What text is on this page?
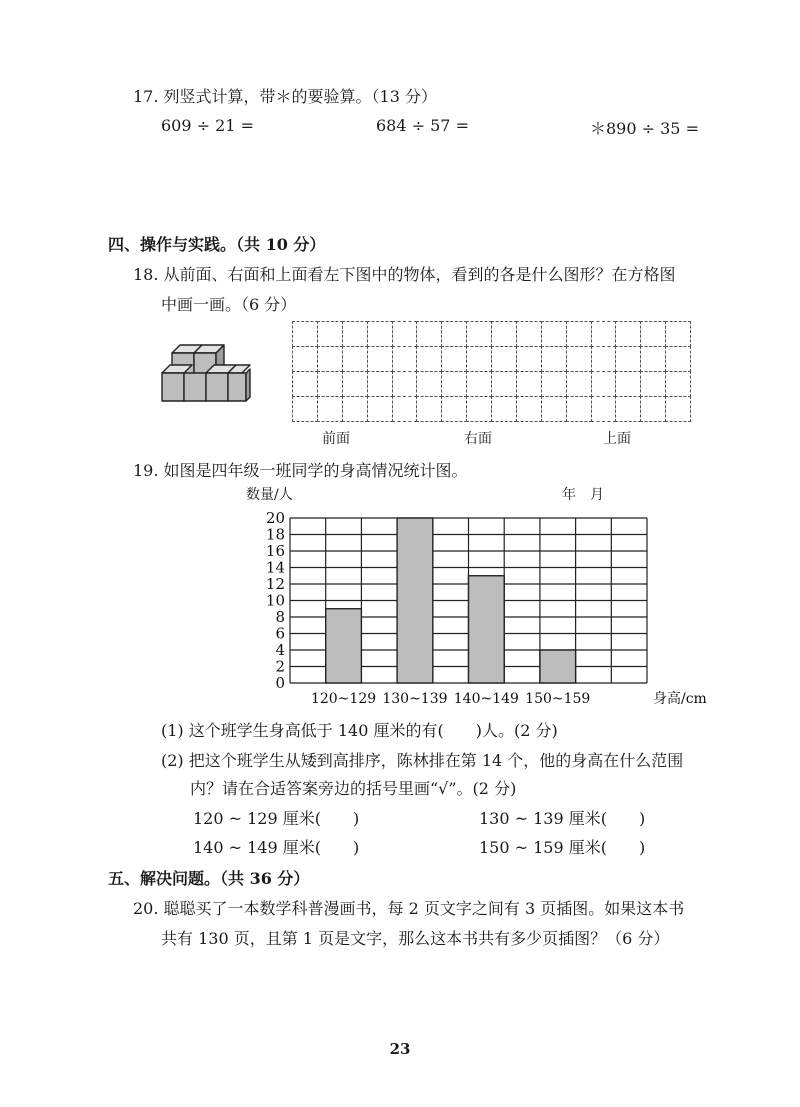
17. 列竖式计算，带＊的要验算。（13 分）
609 ÷ 21 =	684 ÷ 57 =	＊890 ÷ 35 =
四、操作与实践。（共 10 分）
18. 从前面、右面和上面看左下图中的物体，看到的各是什么图形？在方格图
中画一画。（6 分）
前面	右面	上面
19. 如图是四年级一班同学的身高情况统计图。
数量/人	年　月
0
2
4
6
8
10
12
14
16
18
20
120~129 130~139 140~149 150~159	身高/cm
(1) 这个班学生身高低于 140 厘米的有(　　)人。(2 分)
(2) 把这个班学生从矮到高排序，陈林排在第 14 个，他的身高在什么范围
内？请在合适答案旁边的括号里画“√”。(2 分)
120 ~ 129 厘米(　　)	130 ~ 139 厘米(　　)
140 ~ 149 厘米(　　)	150 ~ 159 厘米(　　)
五、解决问题。（共 36 分）
20. 聪聪买了一本数学科普漫画书，每 2 页文字之间有 3 页插图。如果这本书
共有 130 页，且第 1 页是文字，那么这本书共有多少页插图？（6 分）
23
